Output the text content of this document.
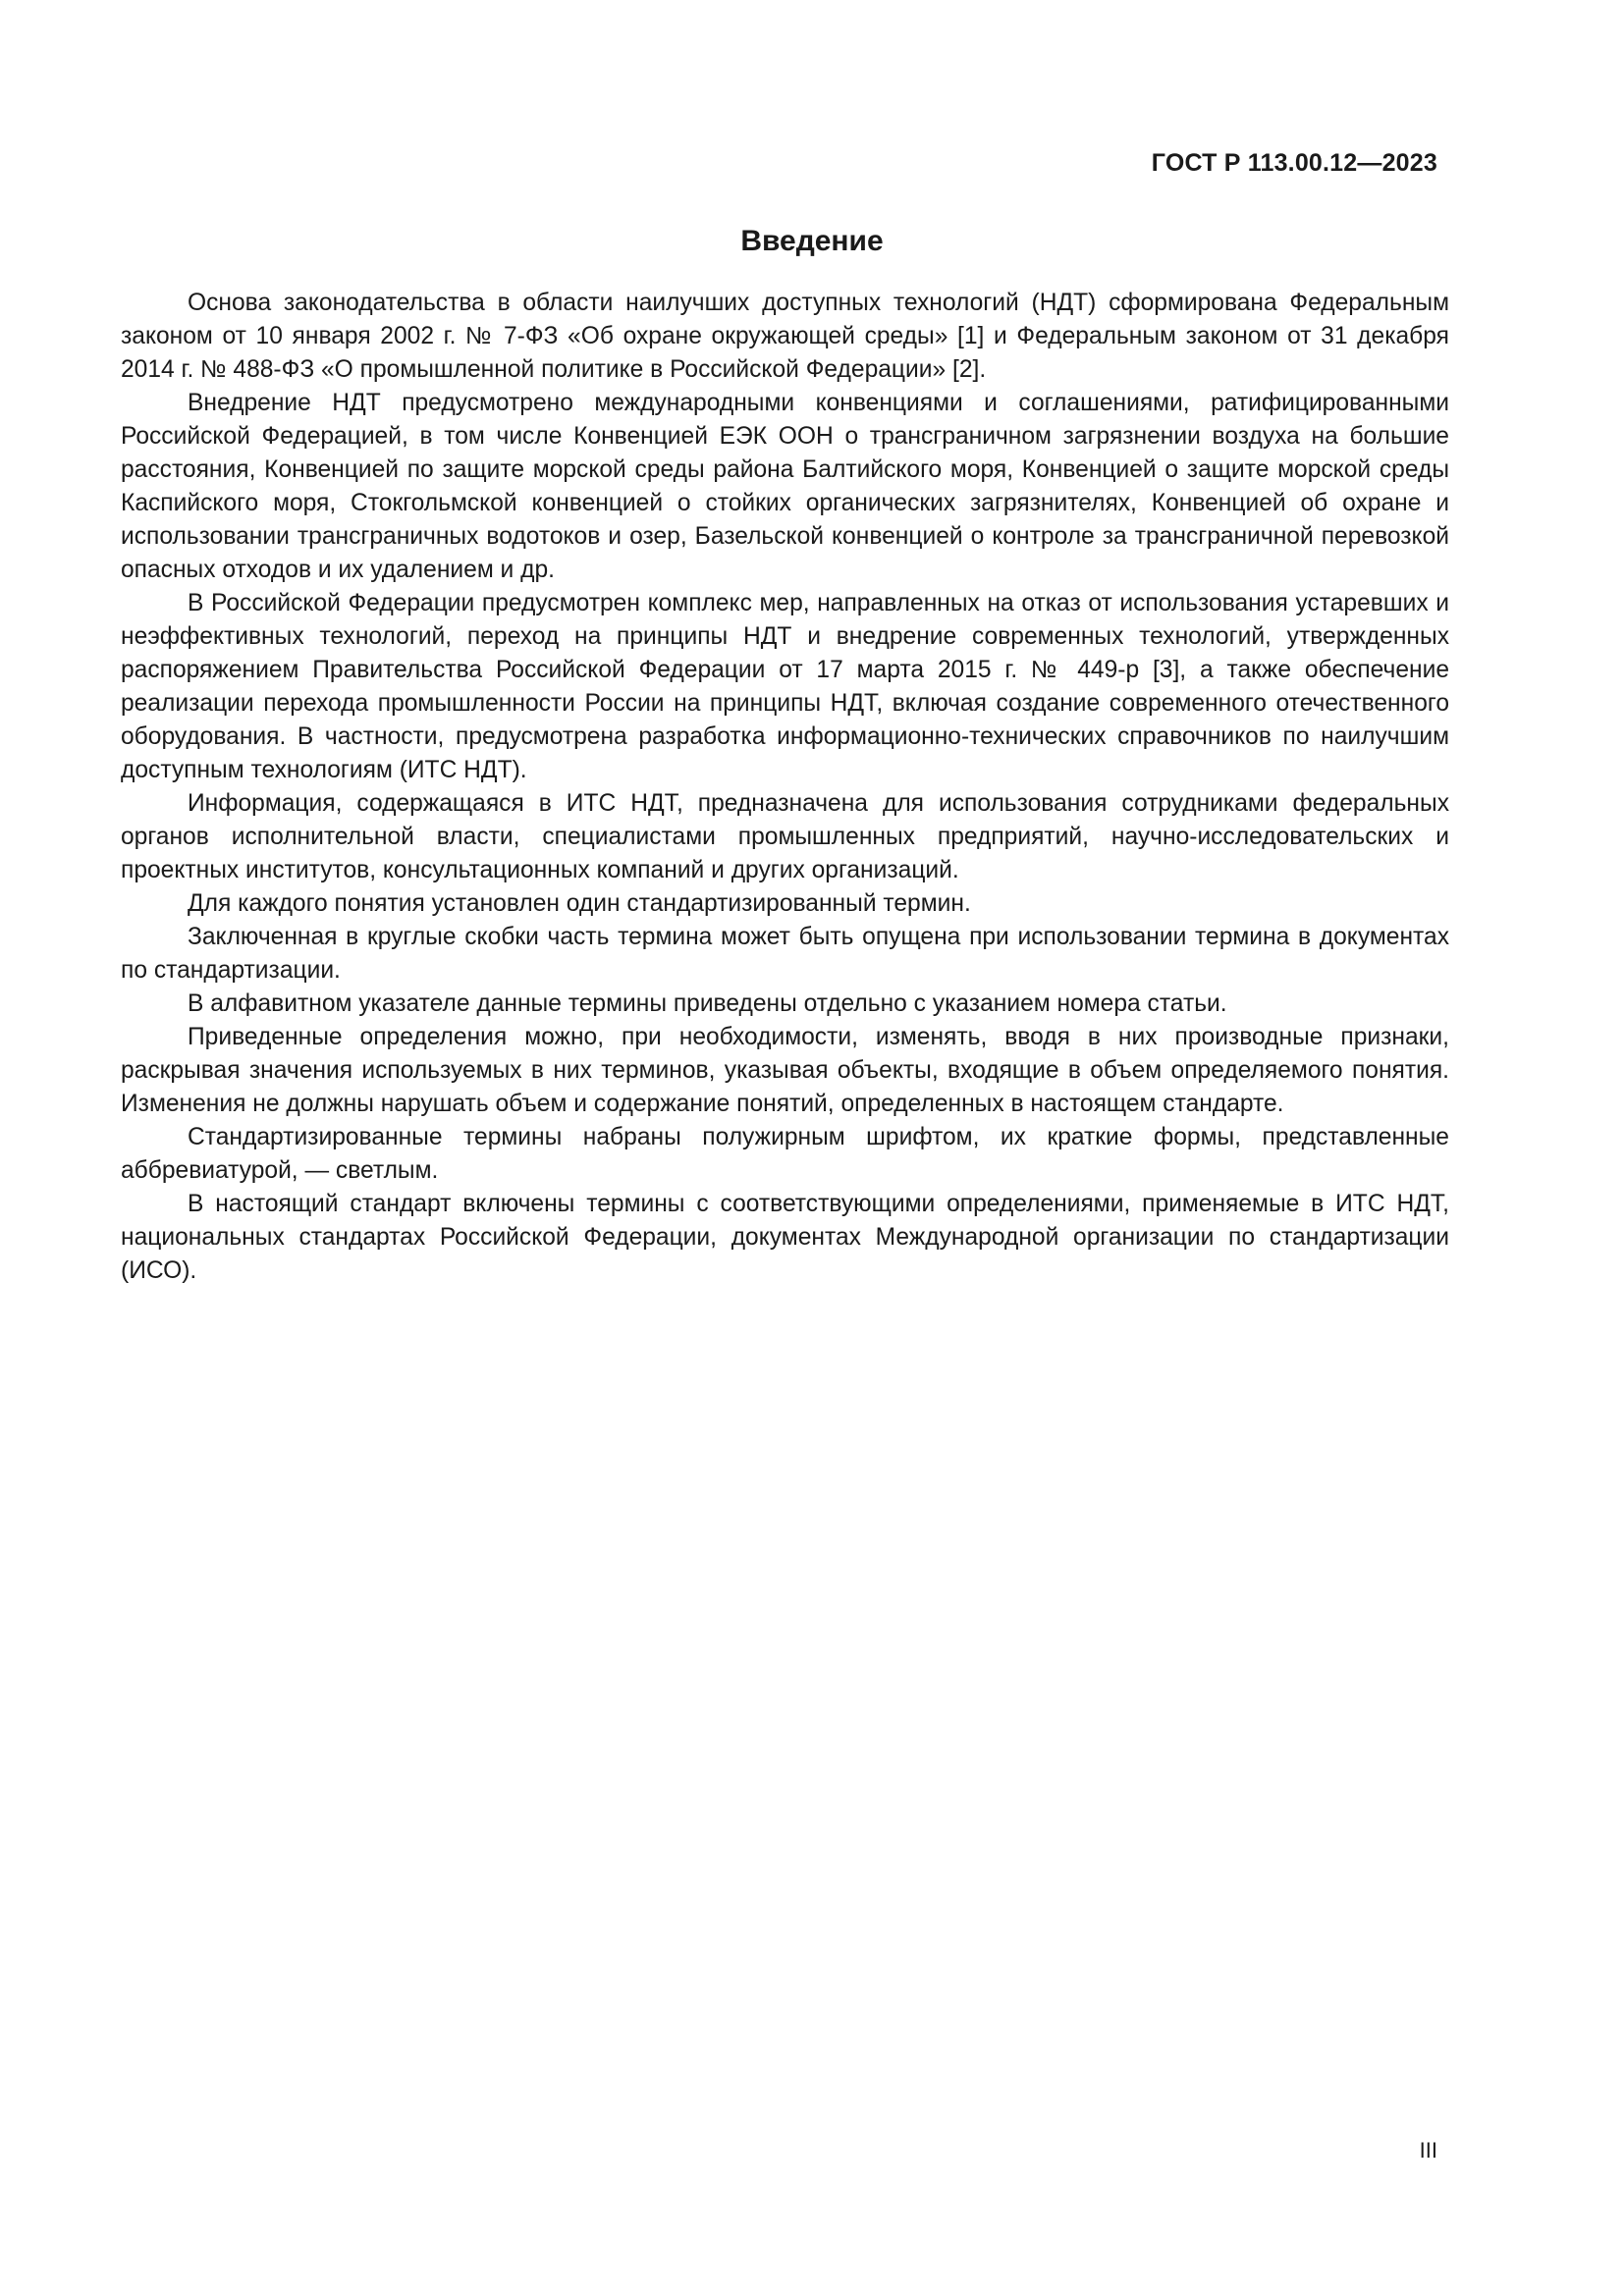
ГОСТ Р 113.00.12—2023
Введение

Основа законодательства в области наилучших доступных технологий (НДТ) сформирована Федеральным законом от 10 января 2002 г. № 7-ФЗ «Об охране окружающей среды» [1] и Федеральным законом от 31 декабря 2014 г. № 488-ФЗ «О промышленной политике в Российской Федерации» [2].

Внедрение НДТ предусмотрено международными конвенциями и соглашениями, ратифицированными Российской Федерацией, в том числе Конвенцией ЕЭК ООН о трансграничном загрязнении воздуха на большие расстояния, Конвенцией по защите морской среды района Балтийского моря, Конвенцией о защите морской среды Каспийского моря, Стокгольмской конвенцией о стойких органических загрязнителях, Конвенцией об охране и использовании трансграничных водотоков и озер, Базельской конвенцией о контроле за трансграничной перевозкой опасных отходов и их удалением и др.

В Российской Федерации предусмотрен комплекс мер, направленных на отказ от использования устаревших и неэффективных технологий, переход на принципы НДТ и внедрение современных технологий, утвержденных распоряжением Правительства Российской Федерации от 17 марта 2015 г. № 449-р [3], а также обеспечение реализации перехода промышленности России на принципы НДТ, включая создание современного отечественного оборудования. В частности, предусмотрена разработка информационно-технических справочников по наилучшим доступным технологиям (ИТС НДТ).

Информация, содержащаяся в ИТС НДТ, предназначена для использования сотрудниками федеральных органов исполнительной власти, специалистами промышленных предприятий, научно-исследовательских и проектных институтов, консультационных компаний и других организаций.

Для каждого понятия установлен один стандартизированный термин.

Заключенная в круглые скобки часть термина может быть опущена при использовании термина в документах по стандартизации.

В алфавитном указателе данные термины приведены отдельно с указанием номера статьи.

Приведенные определения можно, при необходимости, изменять, вводя в них производные признаки, раскрывая значения используемых в них терминов, указывая объекты, входящие в объем определяемого понятия. Изменения не должны нарушать объем и содержание понятий, определенных в настоящем стандарте.

Стандартизированные термины набраны полужирным шрифтом, их краткие формы, представленные аббревиатурой, — светлым.

В настоящий стандарт включены термины с соответствующими определениями, применяемые в ИТС НДТ, национальных стандартах Российской Федерации, документах Международной организации по стандартизации (ИСО).

III
